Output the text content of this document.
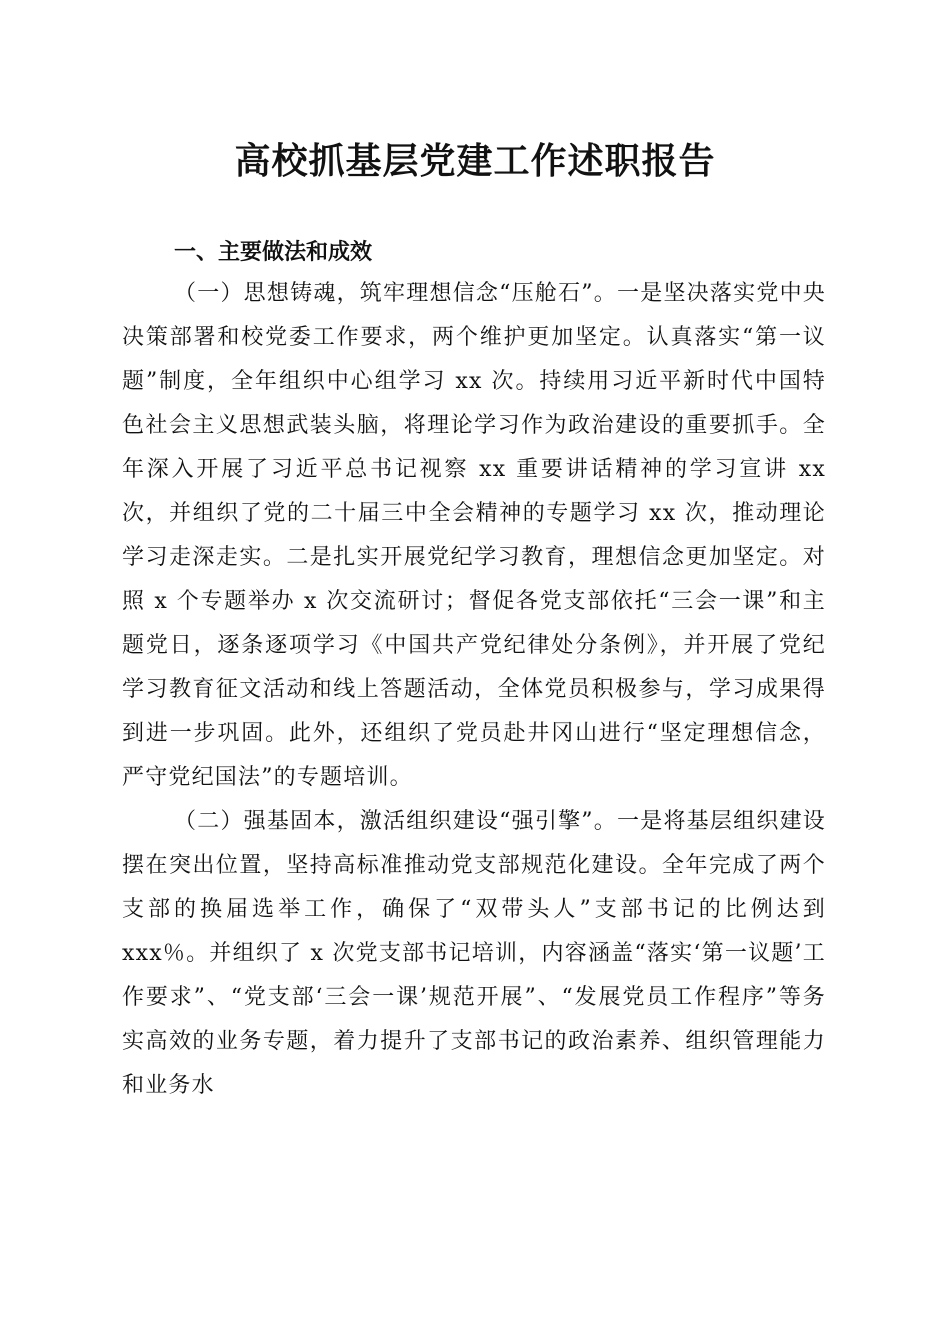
高校抓基层党建工作述职报告
一、主要做法和成效

（一）思想铸魂，筑牢理想信念“压舱石”。一是坚决落实党中央决策部署和校党委工作要求，两个维护更加坚定。认真落实“第一议题”制度，全年组织中心组学习 xx 次。持续用习近平新时代中国特色社会主义思想武装头脑，将理论学习作为政治建设的重要抓手。全年深入开展了习近平总书记视察 xx 重要讲话精神的学习宣讲 xx 次，并组织了党的二十届三中全会精神的专题学习 xx 次，推动理论学习走深走实。二是扎实开展党纪学习教育，理想信念更加坚定。对照 x 个专题举办 x 次交流研讨；督促各党支部依托“三会一课”和主题党日，逐条逐项学习《中国共产党纪律处分条例》，并开展了党纪学习教育征文活动和线上答题活动，全体党员积极参与，学习成果得到进一步巩固。此外，还组织了党员赴井冈山进行“坚定理想信念，严守党纪国法”的专题培训。

（二）强基固本，激活组织建设“强引擎”。一是将基层组织建设摆在突出位置，坚持高标准推动党支部规范化建设。全年完成了两个支部的换届选举工作，确保了“双带头人”支部书记的比例达到 xxx％。并组织了 x 次党支部书记培训，内容涵盖“落实‘第一议题’工作要求”、“党支部‘三会一课’规范开展”、“发展党员工作程序”等务实高效的业务专题，着力提升了支部书记的政治素养、组织管理能力和业务水
